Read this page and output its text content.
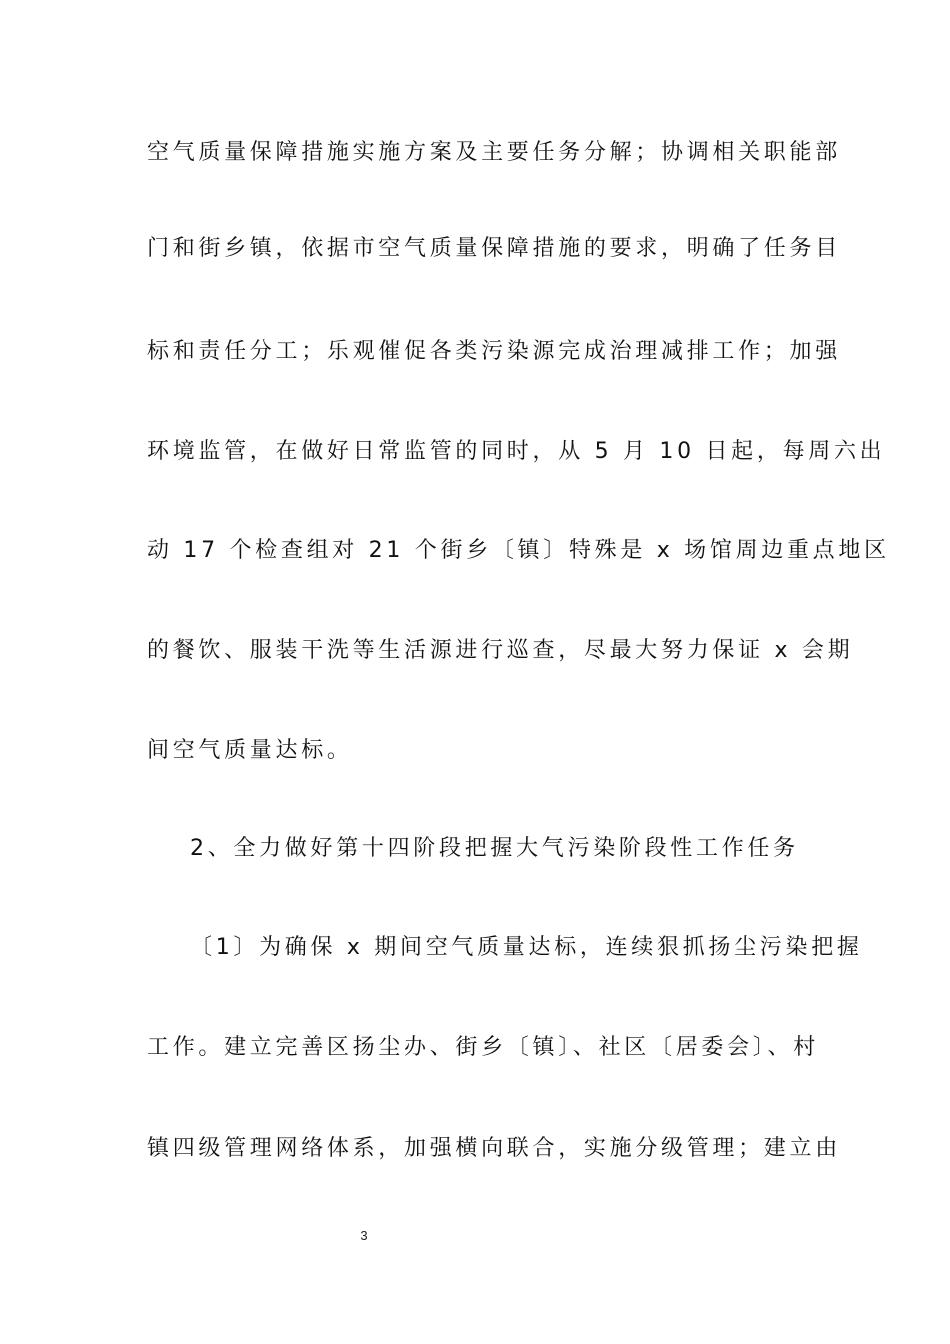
空气质量保障措施实施方案及主要任务分解；协调相关职能部
门和街乡镇，依据市空气质量保障措施的要求，明确了任务目
标和责任分工；乐观催促各类污染源完成治理减排工作；加强
环境监管，在做好日常监管的同时，从 5 月 10 日起，每周六出
动 17 个检查组对 21 个街乡〔镇〕特殊是 x 场馆周边重点地区
的餐饮、服装干洗等生活源进行巡查，尽最大努力保证 x 会期
间空气质量达标。
2、全力做好第十四阶段把握大气污染阶段性工作任务
〔1〕为确保 x 期间空气质量达标，连续狠抓扬尘污染把握
工作。建立完善区扬尘办、街乡〔镇〕、社区〔居委会〕、村
镇四级管理网络体系，加强横向联合，实施分级管理；建立由
3
